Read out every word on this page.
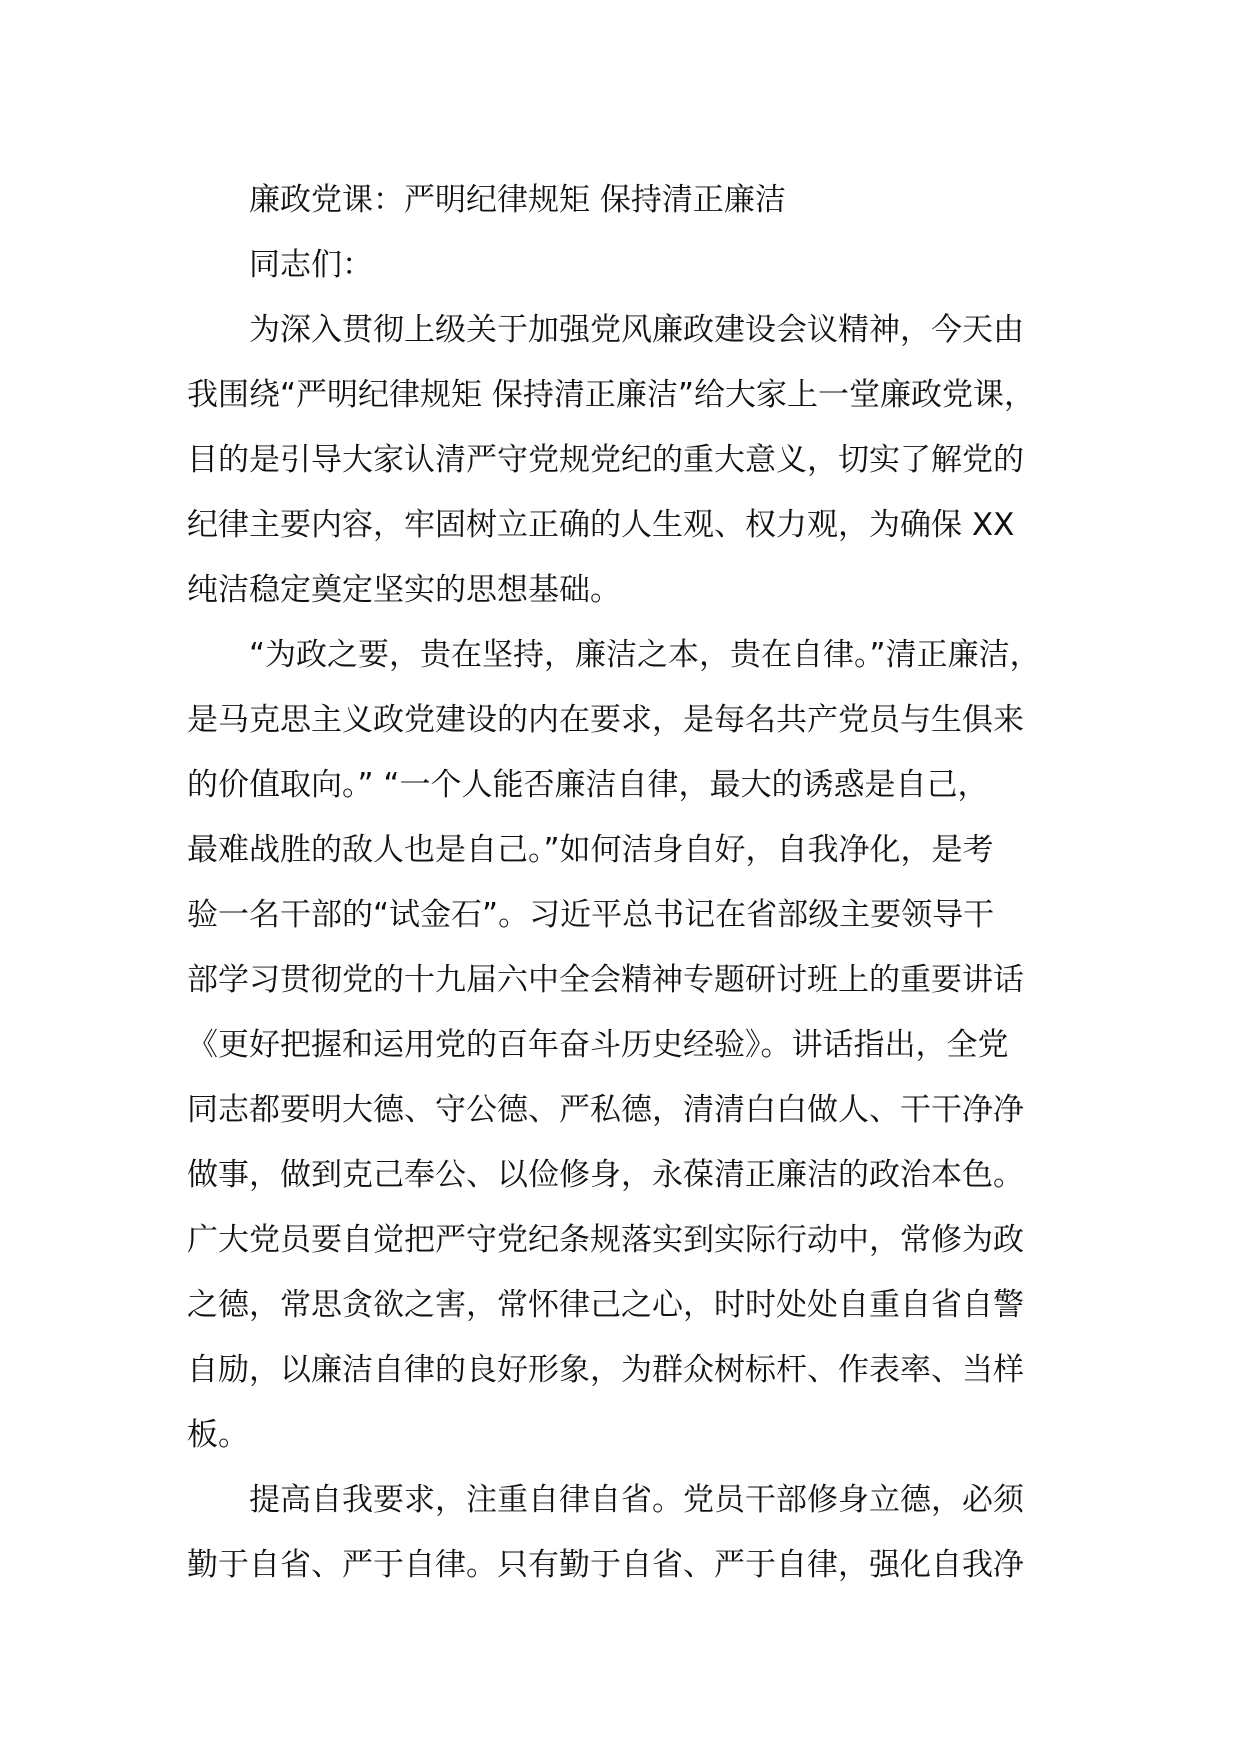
廉政党课：严明纪律规矩 保持清正廉洁
同志们：
为深入贯彻上级关于加强党风廉政建设会议精神，今天由
我围绕“严明纪律规矩 保持清正廉洁”给大家上一堂廉政党课，
目的是引导大家认清严守党规党纪的重大意义，切实了解党的
纪律主要内容，牢固树立正确的人生观、权力观，为确保 XX
纯洁稳定奠定坚实的思想基础。
“为政之要，贵在坚持，廉洁之本，贵在自律。”清正廉洁，
是马克思主义政党建设的内在要求，是每名共产党员与生俱来
的价值取向。” “一个人能否廉洁自律，最大的诱惑是自己，
最难战胜的敌人也是自己。”如何洁身自好，自我净化，是考
验一名干部的“试金石”。习近平总书记在省部级主要领导干
部学习贯彻党的十九届六中全会精神专题研讨班上的重要讲话
《更好把握和运用党的百年奋斗历史经验》。讲话指出，全党
同志都要明大德、守公德、严私德，清清白白做人、干干净净
做事，做到克己奉公、以俭修身，永葆清正廉洁的政治本色。
广大党员要自觉把严守党纪条规落实到实际行动中，常修为政
之德，常思贪欲之害，常怀律己之心，时时处处自重自省自警
自励，以廉洁自律的良好形象，为群众树标杆、作表率、当样
板。
提高自我要求，注重自律自省。党员干部修身立德，必须
勤于自省、严于自律。只有勤于自省、严于自律，强化自我净
